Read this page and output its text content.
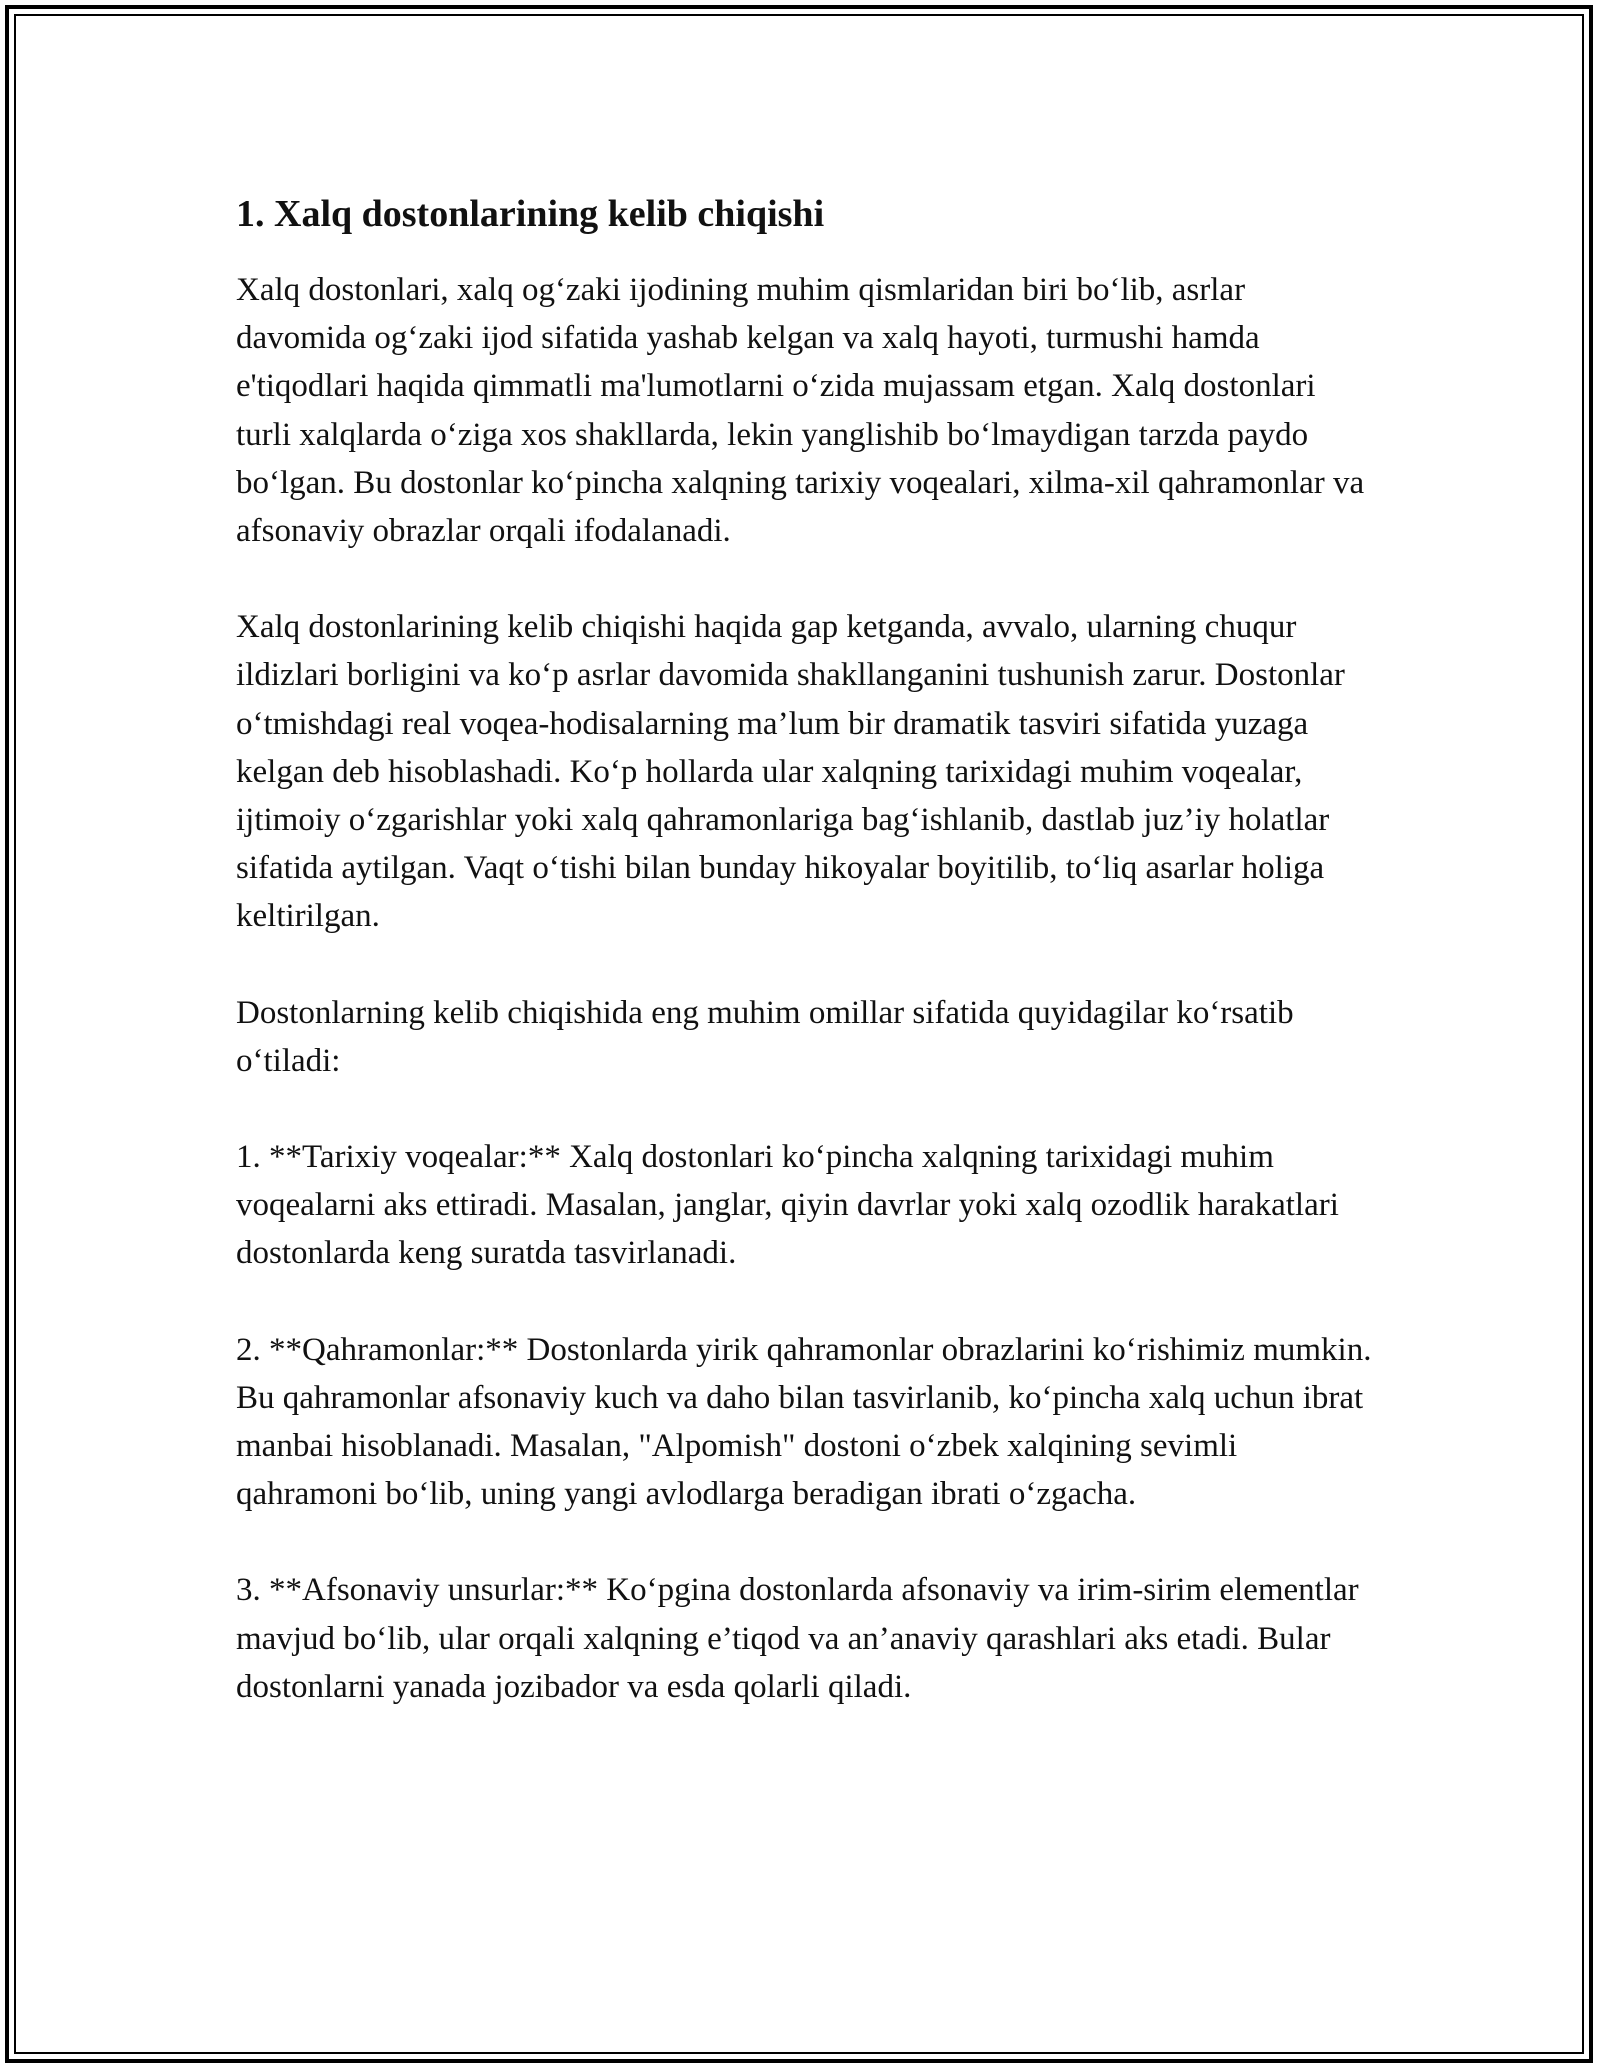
1. Xalq dostonlarining kelib chiqishi

Xalq dostonlari, xalq og‘zaki ijodining muhim qismlaridan biri bo‘lib, asrlar davomida og‘zaki ijod sifatida yashab kelgan va xalq hayoti, turmushi hamda e'tiqodlari haqida qimmatli ma'lumotlarni o‘zida mujassam etgan. Xalq dostonlari turli xalqlarda o‘ziga xos shakllarda, lekin yanglishib bo‘lmaydigan tarzda paydo bo‘lgan. Bu dostonlar ko‘pincha xalqning tarixiy voqealari, xilma-xil qahramonlar va afsonaviy obrazlar orqali ifodalanadi.

Xalq dostonlarining kelib chiqishi haqida gap ketganda, avvalo, ularning chuqur ildizlari borligini va ko‘p asrlar davomida shakllanganini tushunish zarur. Dostonlar o‘tmishdagi real voqea-hodisalarning ma’lum bir dramatik tasviri sifatida yuzaga kelgan deb hisoblashadi. Ko‘p hollarda ular xalqning tarixidagi muhim voqealar, ijtimoiy o‘zgarishlar yoki xalq qahramonlariga bag‘ishlanib, dastlab juz’iy holatlar sifatida aytilgan. Vaqt o‘tishi bilan bunday hikoyalar boyitilib, to‘liq asarlar holiga keltirilgan.

Dostonlarning kelib chiqishida eng muhim omillar sifatida quyidagilar ko‘rsatib o‘tiladi:

1. **Tarixiy voqealar:** Xalq dostonlari ko‘pincha xalqning tarixidagi muhim voqealarni aks ettiradi. Masalan, janglar, qiyin davrlar yoki xalq ozodlik harakatlari dostonlarda keng suratda tasvirlanadi.

2. **Qahramonlar:** Dostonlarda yirik qahramonlar obrazlarini ko‘rishimiz mumkin. Bu qahramonlar afsonaviy kuch va daho bilan tasvirlanib, ko‘pincha xalq uchun ibrat manbai hisoblanadi. Masalan, "Alpomish" dostoni o‘zbek xalqining sevimli qahramoni bo‘lib, uning yangi avlodlarga beradigan ibrati o‘zgacha.

3. **Afsonaviy unsurlar:** Ko‘pgina dostonlarda afsonaviy va irim-sirim elementlar mavjud bo‘lib, ular orqali xalqning e’tiqod va an’anaviy qarashlari aks etadi. Bular dostonlarni yanada jozibador va esda qolarli qiladi.
